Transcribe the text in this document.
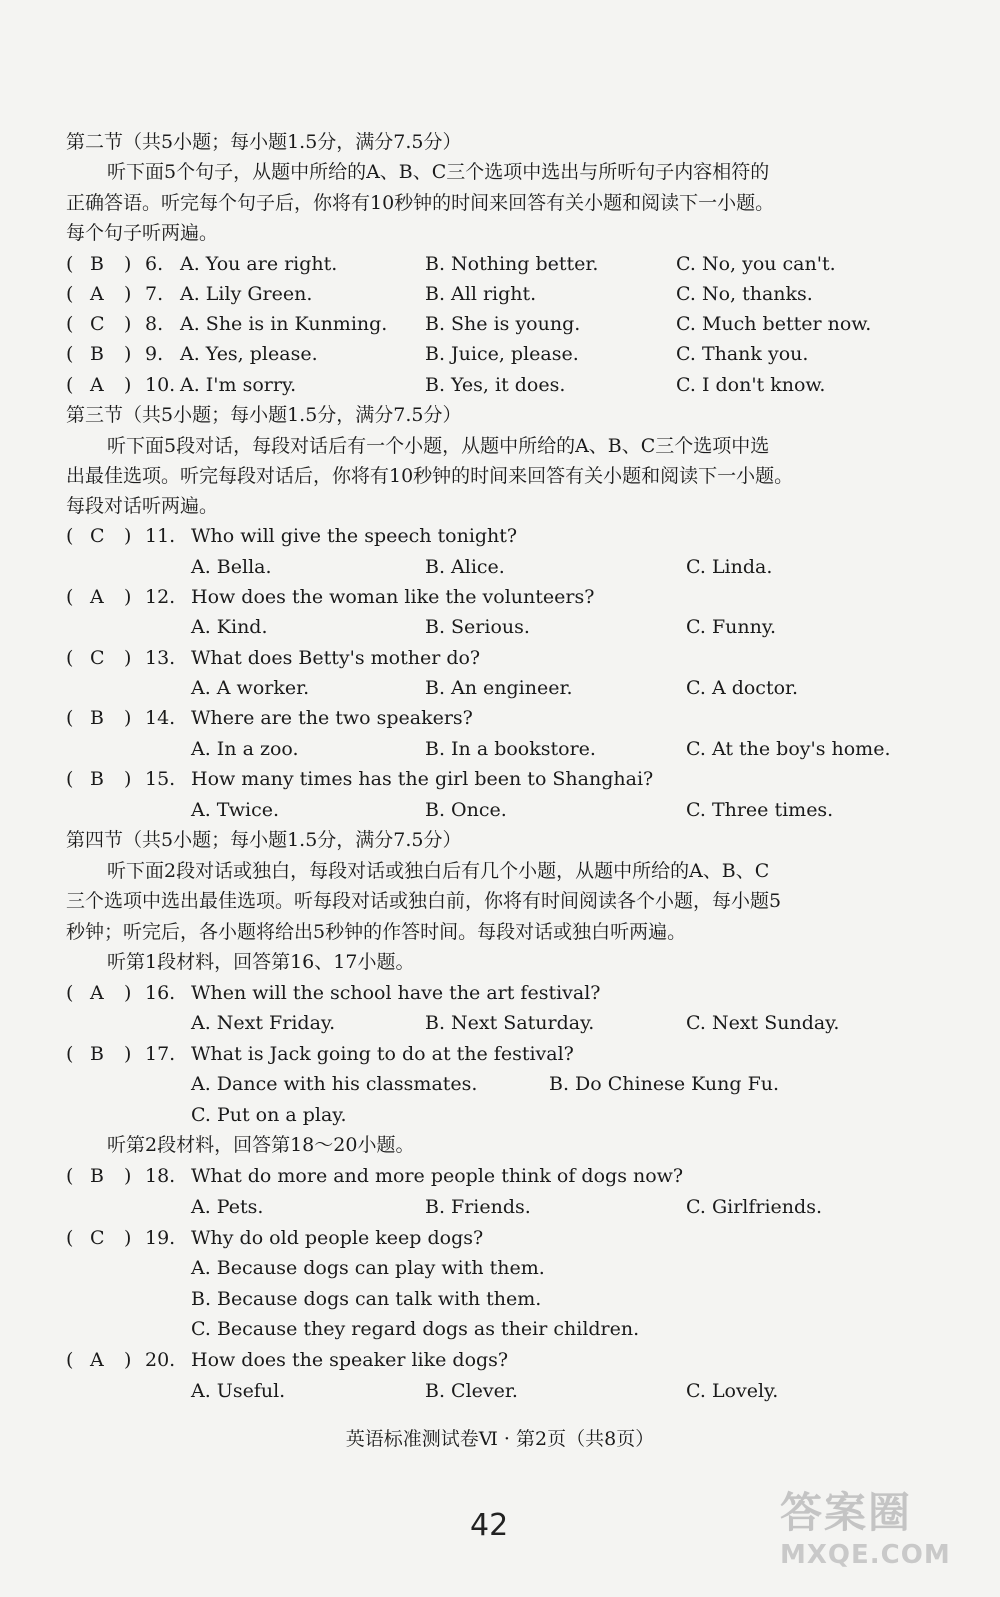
第二节（共5小题；每小题1.5分，满分7.5分）
听下面5个句子，从题中所给的A、B、C三个选项中选出与所听句子内容相符的
正确答语。听完每个句子后，你将有10秒钟的时间来回答有关小题和阅读下一小题。
每个句子听两遍。
( B ) 6. A. You are right.	B. Nothing better.	C. No, you can't.
( A ) 7. A. Lily Green.	B. All right.	C. No, thanks.
( C ) 8. A. She is in Kunming. B. She is young.	C. Much better now.
( B ) 9. A. Yes, please.	B. Juice, please.	C. Thank you.
( A ) 10. A. I'm sorry.	B. Yes, it does.	C. I don't know.
第三节（共5小题；每小题1.5分，满分7.5分）
听下面5段对话，每段对话后有一个小题，从题中所给的A、B、C三个选项中选
出最佳选项。听完每段对话后，你将有10秒钟的时间来回答有关小题和阅读下一小题。
每段对话听两遍。
( C ) 11. Who will give the speech tonight?
A. Bella.	B. Alice.	C. Linda.
( A ) 12. How does the woman like the volunteers?
A. Kind.	B. Serious.	C. Funny.
( C ) 13. What does Betty's mother do?
A. A worker.	B. An engineer.	C. A doctor.
( B ) 14. Where are the two speakers?
A. In a zoo.	B. In a bookstore.	C. At the boy's home.
( B ) 15. How many times has the girl been to Shanghai?
A. Twice.	B. Once.	C. Three times.
第四节（共5小题；每小题1.5分，满分7.5分）
听下面2段对话或独白，每段对话或独白后有几个小题，从题中所给的A、B、C
三个选项中选出最佳选项。听每段对话或独白前，你将有时间阅读各个小题，每小题5
秒钟；听完后，各小题将给出5秒钟的作答时间。每段对话或独白听两遍。
听第1段材料，回答第16、17小题。
( A ) 16. When will the school have the art festival?
A. Next Friday.	B. Next Saturday.	C. Next Sunday.
( B ) 17. What is Jack going to do at the festival?
A. Dance with his classmates.	B. Do Chinese Kung Fu.
C. Put on a play.
听第2段材料，回答第18～20小题。
( B ) 18. What do more and more people think of dogs now?
A. Pets.	B. Friends.	C. Girlfriends.
( C ) 19. Why do old people keep dogs?
A. Because dogs can play with them.
B. Because dogs can talk with them.
C. Because they regard dogs as their children.
( A ) 20. How does the speaker like dogs?
A. Useful.	B. Clever.	C. Lovely.
英语标准测试卷Ⅵ · 第2页（共8页）
42	答案圈
MXQE.COM
